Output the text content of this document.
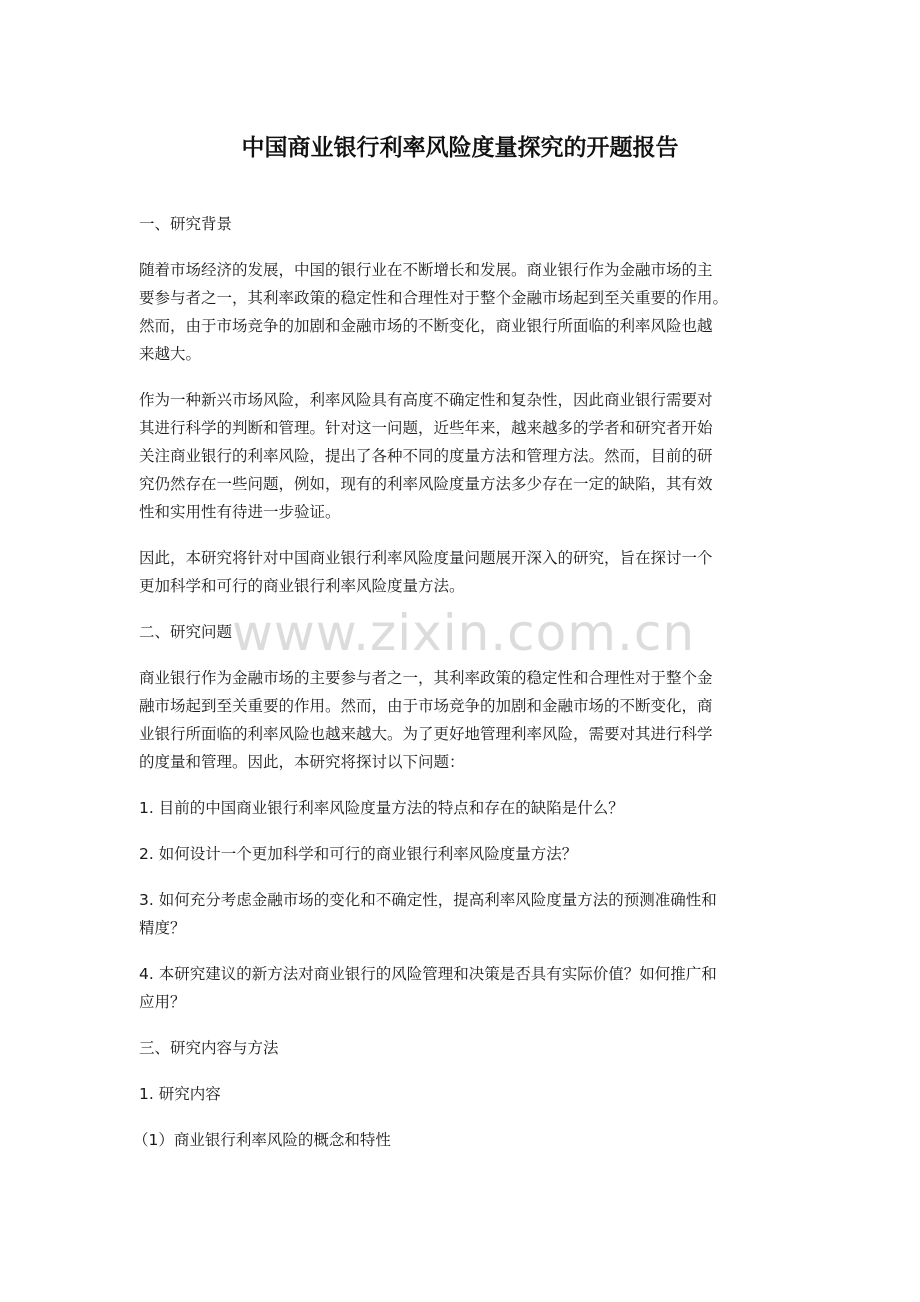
www.zixin.com.cn
中国商业银行利率风险度量探究的开题报告

一、研究背景

随着市场经济的发展，中国的银行业在不断增长和发展。商业银行作为金融市场的主
要参与者之一，其利率政策的稳定性和合理性对于整个金融市场起到至关重要的作用。
然而，由于市场竞争的加剧和金融市场的不断变化，商业银行所面临的利率风险也越
来越大。

作为一种新兴市场风险，利率风险具有高度不确定性和复杂性，因此商业银行需要对
其进行科学的判断和管理。针对这一问题，近些年来，越来越多的学者和研究者开始
关注商业银行的利率风险，提出了各种不同的度量方法和管理方法。然而，目前的研
究仍然存在一些问题，例如，现有的利率风险度量方法多少存在一定的缺陷，其有效
性和实用性有待进一步验证。

因此，本研究将针对中国商业银行利率风险度量问题展开深入的研究，旨在探讨一个
更加科学和可行的商业银行利率风险度量方法。

二、研究问题

商业银行作为金融市场的主要参与者之一，其利率政策的稳定性和合理性对于整个金
融市场起到至关重要的作用。然而，由于市场竞争的加剧和金融市场的不断变化，商
业银行所面临的利率风险也越来越大。为了更好地管理利率风险，需要对其进行科学
的度量和管理。因此，本研究将探讨以下问题：

1. 目前的中国商业银行利率风险度量方法的特点和存在的缺陷是什么？

2. 如何设计一个更加科学和可行的商业银行利率风险度量方法？

3. 如何充分考虑金融市场的变化和不确定性，提高利率风险度量方法的预测准确性和
精度？

4. 本研究建议的新方法对商业银行的风险管理和决策是否具有实际价值？如何推广和
应用？

三、研究内容与方法

1. 研究内容

（1）商业银行利率风险的概念和特性
